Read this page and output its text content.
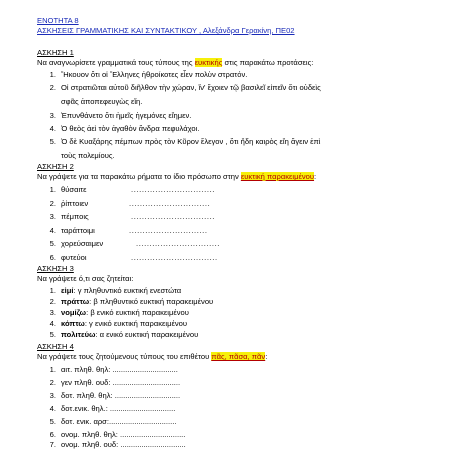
ΕΝΟΤΗΤΑ 8
ΑΣΚΗΣΕΙΣ ΓΡΑΜΜΑΤΙΚΗΣ ΚΑΙ ΣΥΝΤΑΚΤΙΚΟΥ , Αλεξάνδρα Γερακίνη, ΠΕ02
ΑΣΚΗΣΗ 1
Να αναγνωρίσετε γραμματικά τους τύπους της ευκτικής στις παρακάτω προτάσεις:
1. Ἤκουον ὅτι οἱ Ἕλληνες ἠθροίκοτες εἶεν πολὺν στρατόν.
2. Οἱ στρατιῶται αὐτοῦ διῆλθον τὴν χώραν, ἵν' ἔχοιεν τῷ βασιλεῖ εἰπεῖν ὅτι οὐδεὶς
σφᾶς ἀποπεφευγὼς εἴη.
3. Ἐπυνθάνετο ὅτι ἡμεῖς ἡγεμόνες εἴημεν.
4. Ὁ θεὸς ἀεὶ τὸν ἀγαθὸν ἄνδρα πεφυλάχοι.
5. Ὁ δὲ Κυαξάρης πέμπων πρὸς τὸν Κῦρον ἔλεγον , ὅτι ἤδη καιρὸς εἴη ἄγειν ἐπὶ
τοὺς πολεμίους.
ΑΣΚΗΣΗ 2
Να γράψετε για τα παρακάτω ρήματα το ίδιο πρόσωπο στην ευκτική παρακειμένου:
1. θύσαιτε	...............................
2. ῥίπτοιεν	..............................
3. πέμποις	...............................
4. ταράττοιμι	.............................
5. χορεύσαιμεν	...............................
6. φυτεύοι	................................
ΑΣΚΗΣΗ 3
Να γράψετε ό,τι σας ζητείται:
1. εἰμί: γ πληθυντικό ευκτική ενεστώτα
2. πράττω: β πληθυντικό ευκτική παρακειμένου
3. νομίζω: β ενικό ευκτική παρακειμένου
4. κόπτω: γ ενικό ευκτική παρακειμένου
5. πολιτεύω: α ενικό ευκτική παρακειμένου
ΑΣΚΗΣΗ 4
Να γράψετε τους ζητούμενους τύπους του επιθέτου πᾶς, πᾶσα, πᾶν:
1. αιτ. πληθ. θηλ: ...............................
2. γεν πληθ. ουδ: ................................
3. δοτ. πληθ. θηλ: ...............................
4. δοτ.ενικ. θηλ.: ...............................
5. δοτ. ενικ. αρσ:................................
6. ονομ. πληθ. θηλ: ...............................
7. ονομ. πληθ. ουδ: ...............................
